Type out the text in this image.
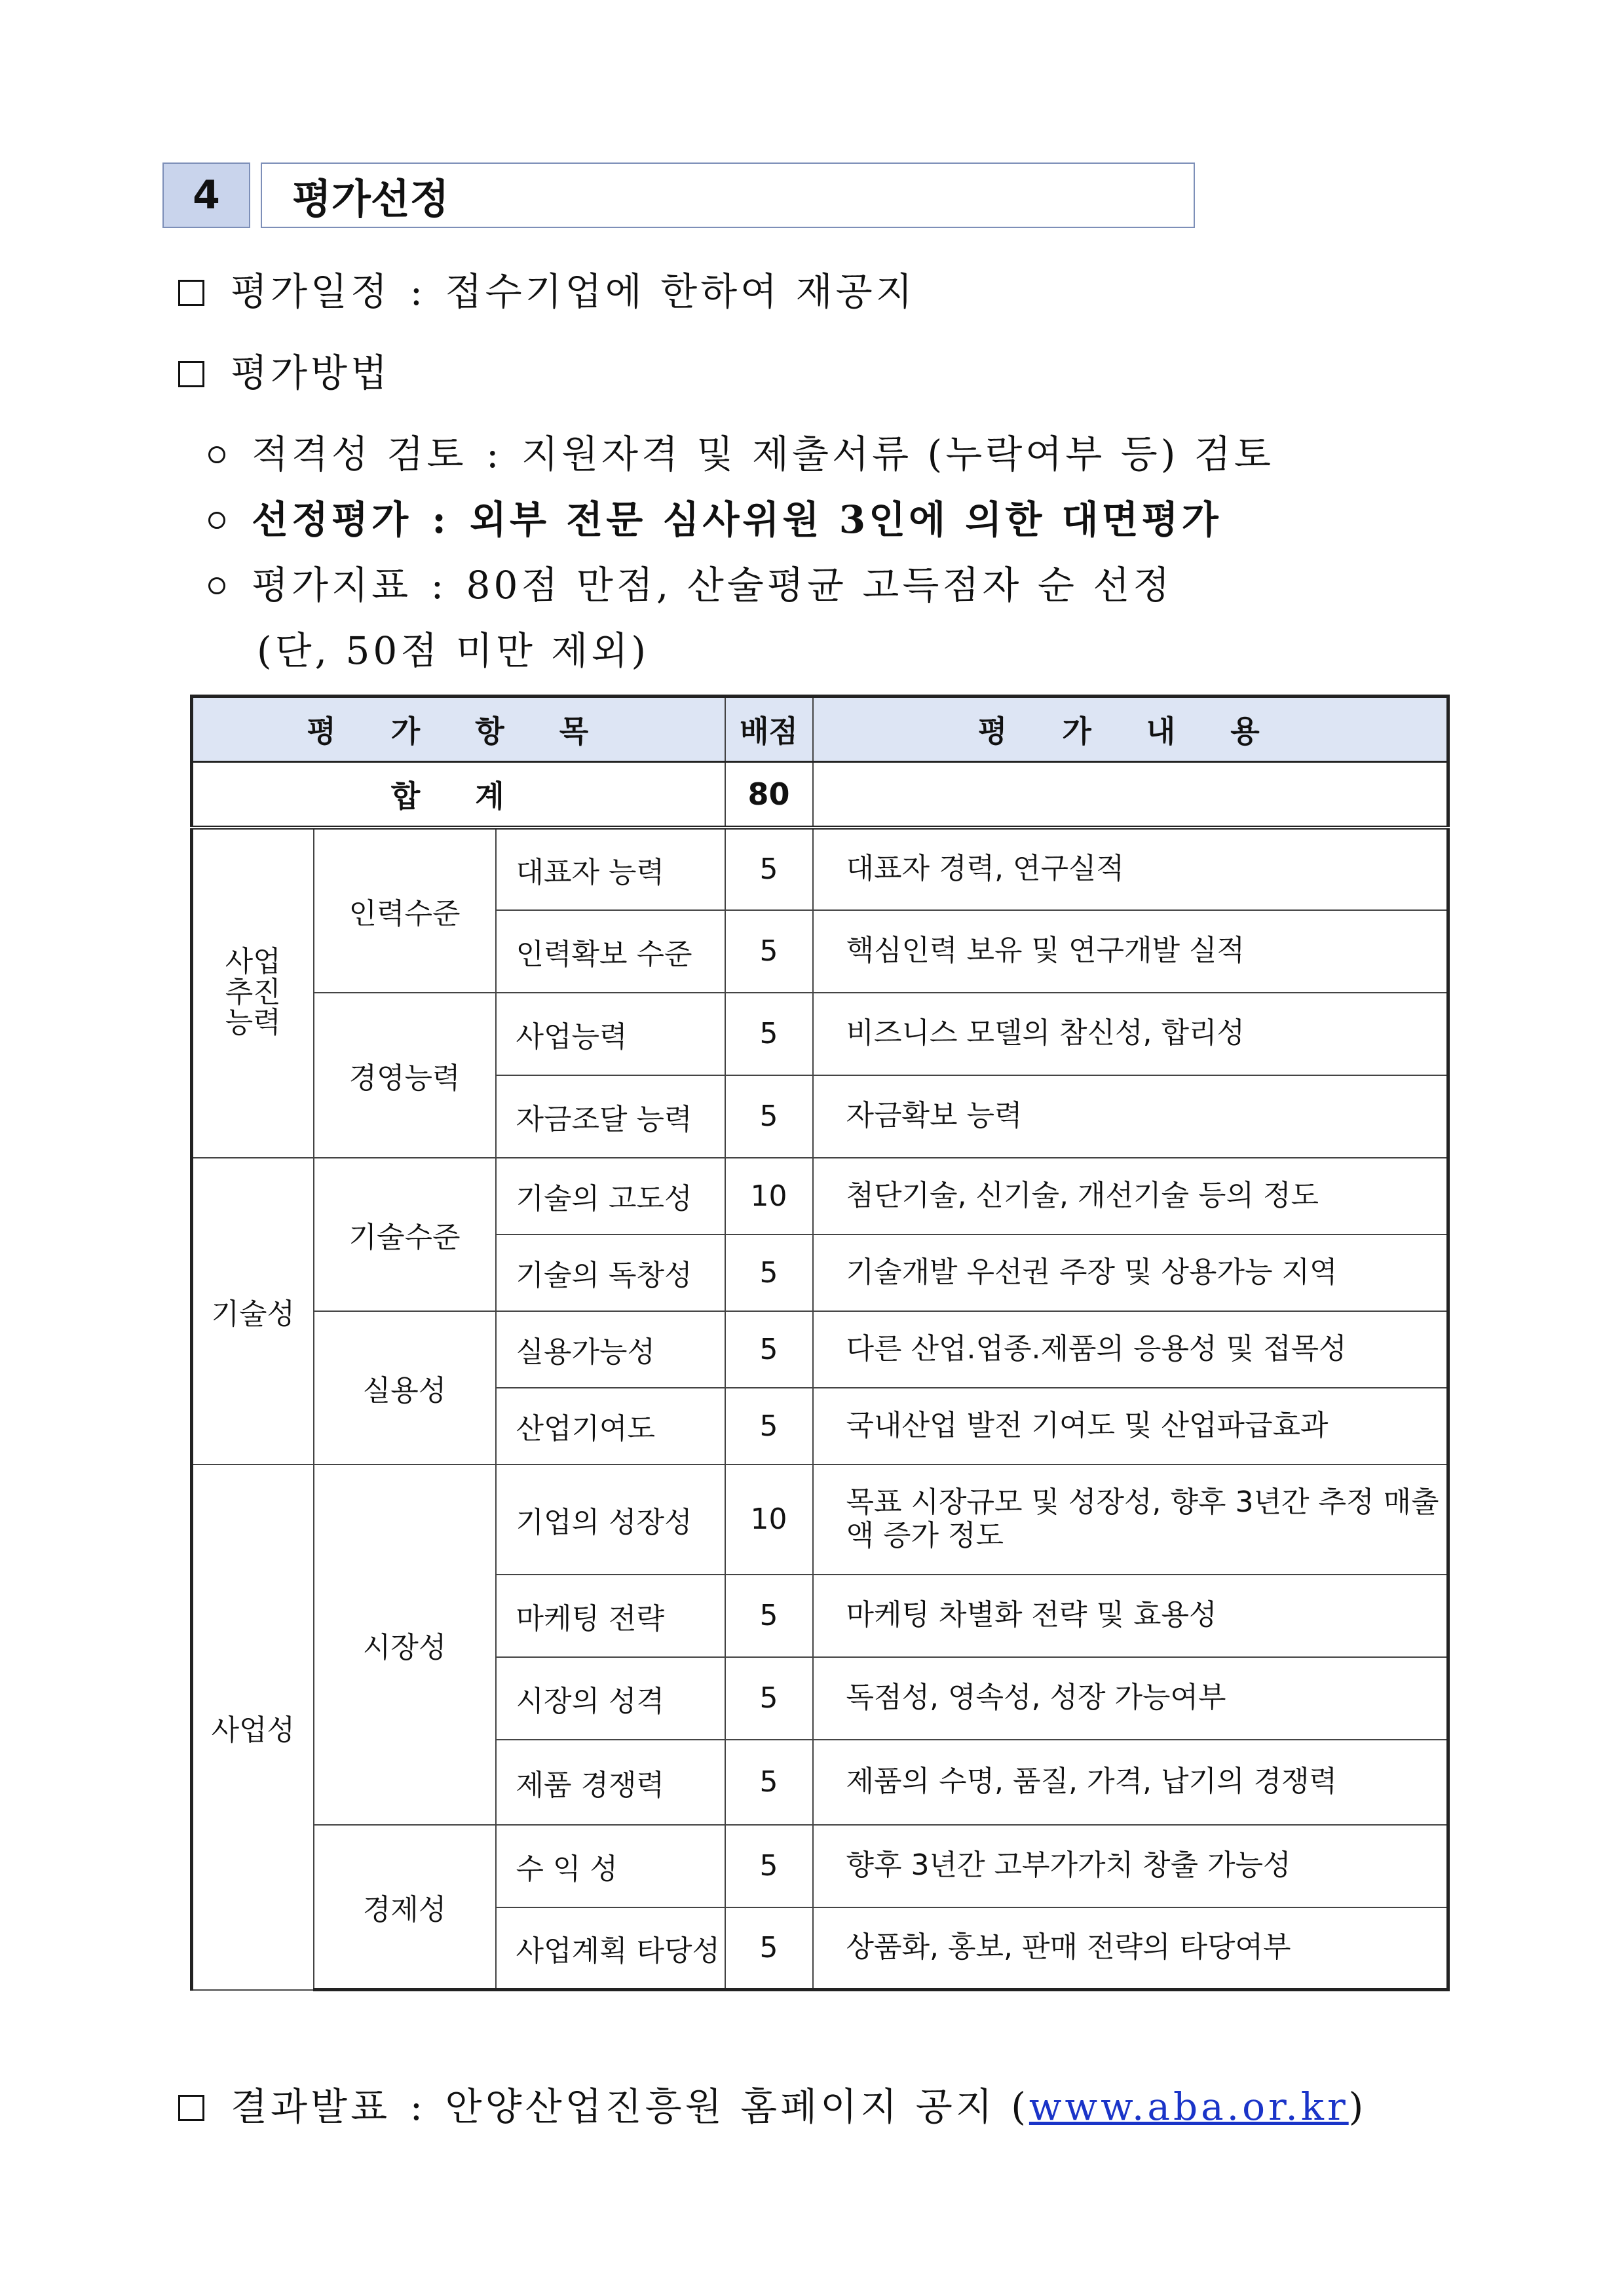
4	평가선정
평가일정 : 접수기업에 한하여 재공지
평가방법
적격성 검토 : 지원자격 및 제출서류 (누락여부 등) 검토
선정평가 : 외부 전문 심사위원 3인에 의한 대면평가
평가지표 : 80점 만점, 산술평균 고득점자 순 선정
(단, 50점 미만 제외)
평 가 항 목			배점	평 가 내 용
합 계			80	
사업추진능력	인력수준	대표자 능력	5	대표자 경력, 연구실적
		인력확보 수준	5	핵심인력 보유 및 연구개발 실적
	경영능력	사업능력	5	비즈니스 모델의 참신성, 합리성
		자금조달 능력	5	자금확보 능력
기술성	기술수준	기술의 고도성	10	첨단기술, 신기술, 개선기술 등의 정도
		기술의 독창성	5	기술개발 우선권 주장 및 상용가능 지역
	실용성	실용가능성	5	다른 산업.업종.제품의 응용성 및 접목성
		산업기여도	5	국내산업 발전 기여도 및 산업파급효과
사업성	시장성	기업의 성장성	10	목표 시장규모 및 성장성, 향후 3년간 추정 매출액 증가 정도
		마케팅 전략	5	마케팅 차별화 전략 및 효용성
		시장의 성격	5	독점성, 영속성, 성장 가능여부
		제품 경쟁력	5	제품의 수명, 품질, 가격, 납기의 경쟁력
	경제성	수 익 성	5	향후 3년간 고부가가치 창출 가능성
		사업계획 타당성	5	상품화, 홍보, 판매 전략의 타당여부
결과발표 : 안양산업진흥원 홈페이지 공지 (www.aba.or.kr)
